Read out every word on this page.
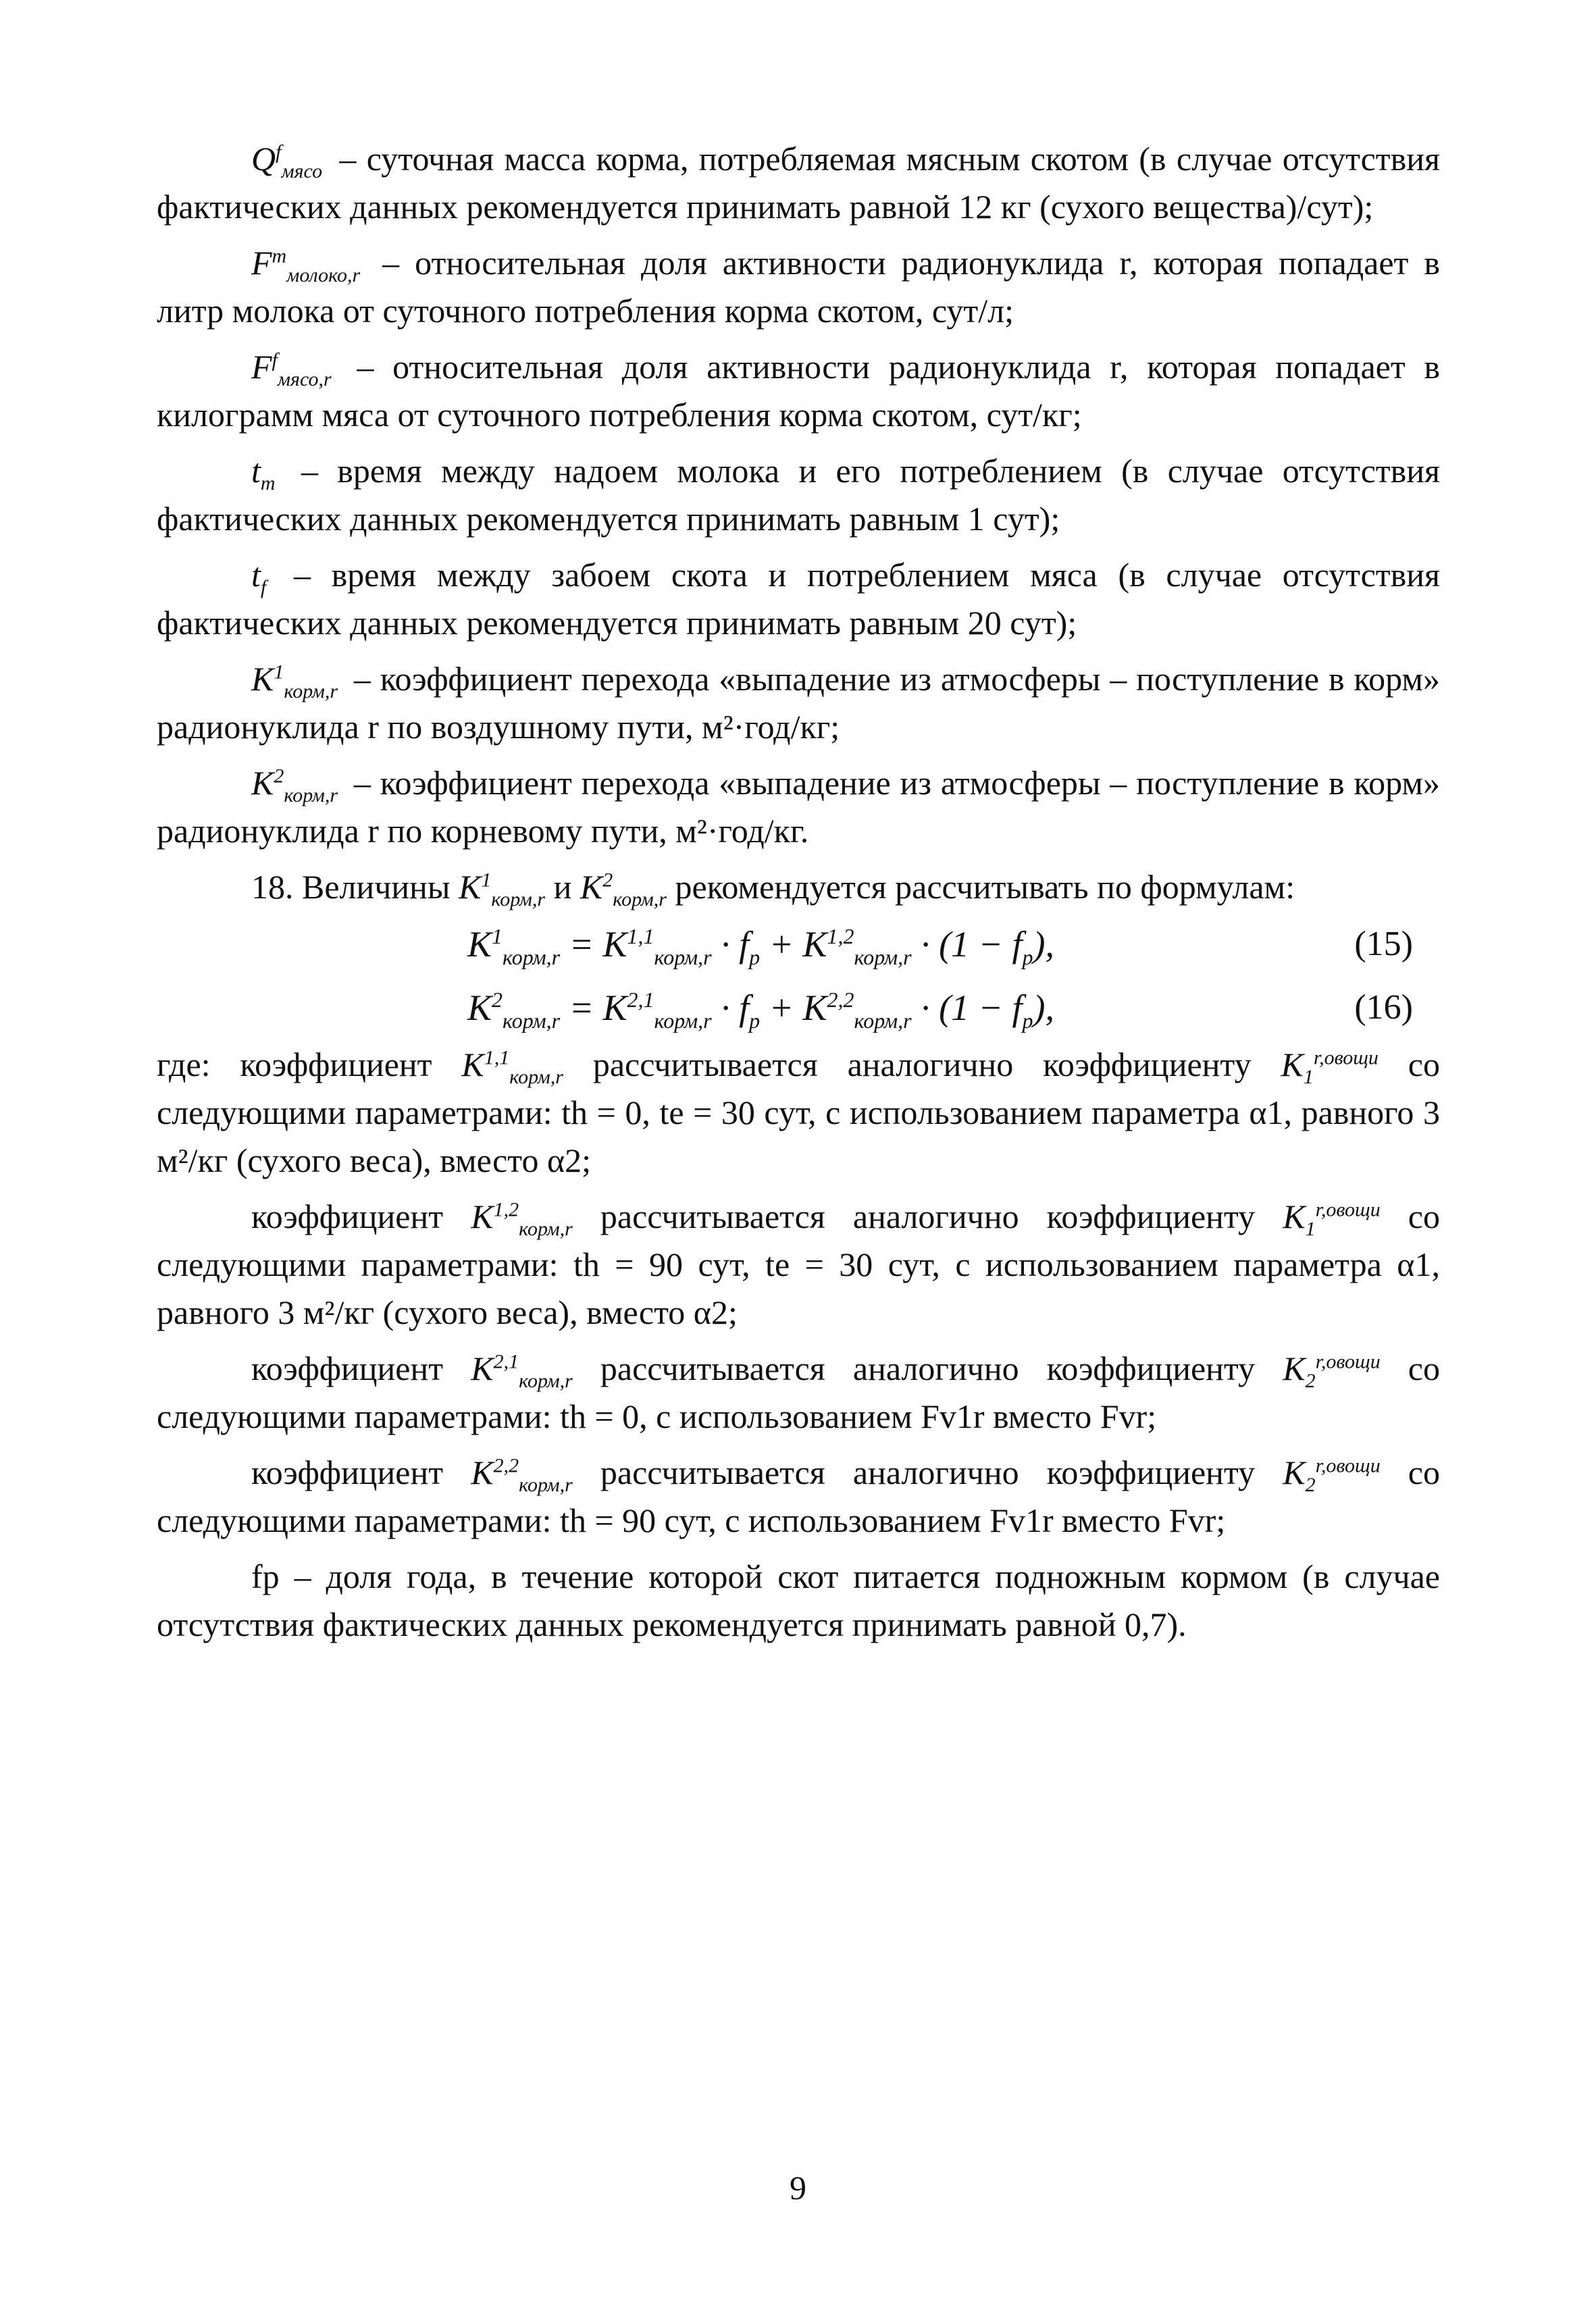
$Q^f_{мясо}$ – суточная масса корма, потребляемая мясным скотом (в случае отсутствия фактических данных рекомендуется принимать равной 12 кг (сухого вещества)/сут);

$F^m_{молоко,r}$ – относительная доля активности радионуклида r, которая попадает в литр молока от суточного потребления корма скотом, сут/л;

$F^f_{мясо,r}$ – относительная доля активности радионуклида r, которая попадает в килограмм мяса от суточного потребления корма скотом, сут/кг;

$t_m$ – время между надоем молока и его потреблением (в случае отсутствия фактических данных рекомендуется принимать равным 1 сут);

$t_f$ – время между забоем скота и потреблением мяса (в случае отсутствия фактических данных рекомендуется принимать равным 20 сут);

$K^1_{корм,r}$ – коэффициент перехода «выпадение из атмосферы – поступление в корм» радионуклида r по воздушному пути, м²·год/кг;

$K^2_{корм,r}$ – коэффициент перехода «выпадение из атмосферы – поступление в корм» радионуклида r по корневому пути, м²·год/кг.

18. Величины $K^1_{корм,r}$ и $K^2_{корм,r}$ рекомендуется рассчитывать по формулам:

$K^1_{корм,r} = K^{1,1}_{корм,r} \cdot f_p + K^{1,2}_{корм,r} \cdot (1 - f_p)$,	(15)
$K^2_{корм,r} = K^{2,1}_{корм,r} \cdot f_p + K^{2,2}_{корм,r} \cdot (1 - f_p)$,	(16)

где: коэффициент K$^{1,1}_{корм,r}$ рассчитывается аналогично коэффициенту $K_1^{r,овощи}$ со следующими параметрами: th = 0, te = 30 сут, с использованием параметра α1, равного 3 м²/кг (сухого веса), вместо α2;

коэффициент K$^{1,2}_{корм,r}$ рассчитывается аналогично коэффициенту $K_1^{r,овощи}$ со следующими параметрами: th = 90 сут, te = 30 сут, с использованием параметра α1, равного 3 м²/кг (сухого веса), вместо α2;

коэффициент K$^{2,1}_{корм,r}$ рассчитывается аналогично коэффициенту $K_2^{r,овощи}$ со следующими параметрами: th = 0, с использованием Fv1r вместо Fvr;

коэффициент K$^{2,2}_{корм,r}$ рассчитывается аналогично коэффициенту $K_2^{r,овощи}$ со следующими параметрами: th = 90 сут, с использованием Fv1r вместо Fvr;

fp – доля года, в течение которой скот питается подножным кормом (в случае отсутствия фактических данных рекомендуется принимать равной 0,7).

9
